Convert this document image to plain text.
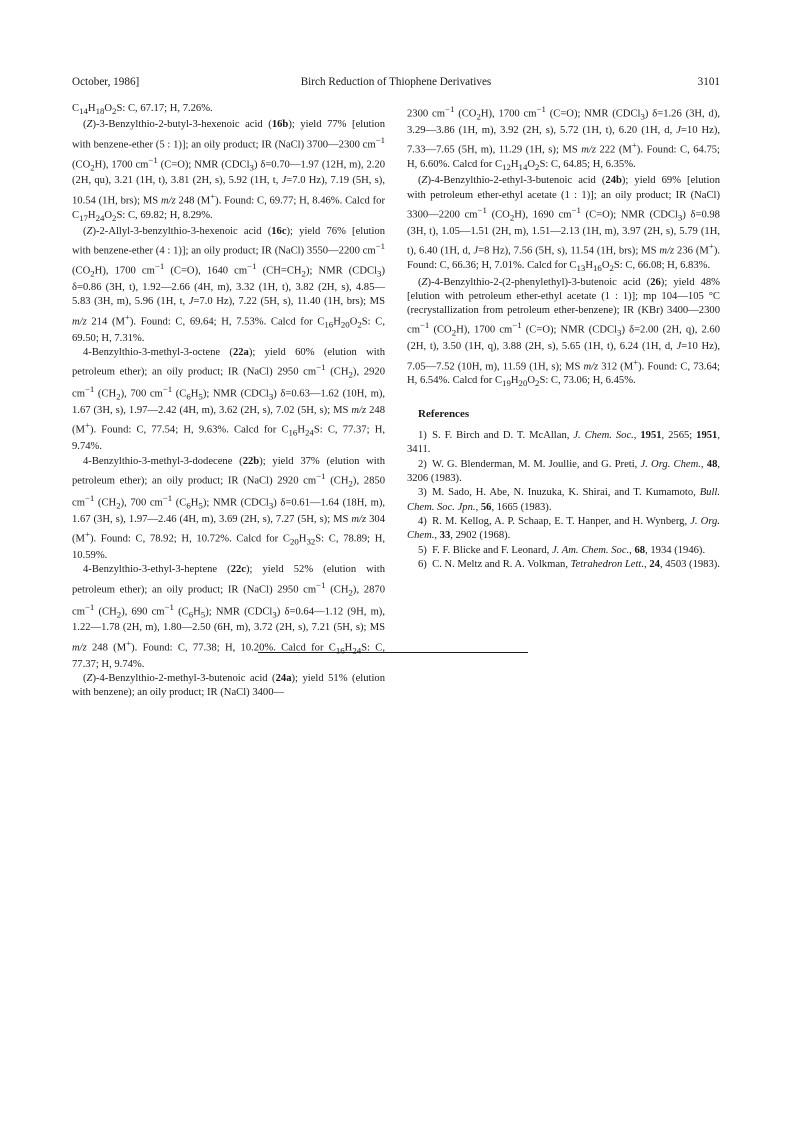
October, 1986]	Birch Reduction of Thiophene Derivatives	3101

$C_{14}H_{18}O_2S$: C, 67.17; H, 7.26%.

(Z)-3-Benzylthio-2-butyl-3-hexenoic acid (16b); yield 77% [elution with benzene-ether (5 : 1)]; an oily product; IR (NaCl) 3700—2300 $cm^{-1}$ $(CO_2H)$, 1700 $cm^{-1}$ (C=O); NMR (CDCl$_3$) δ=0.70—1.97 (12H, m), 2.20 (2H, qu), 3.21 (1H, t), 3.81 (2H, s), 5.92 (1H, t, J=7.0 Hz), 7.19 (5H, s), 10.54 (1H, brs); MS m/z 248 (M+). Found: C, 69.77; H, 8.46%. Calcd for $C_{17}H_{24}O_2S$: C, 69.82; H, 8.29%.

(Z)-2-Allyl-3-benzylthio-3-hexenoic acid (16c); yield 76% [elution with benzene-ether (4 : 1)]; an oily product; IR (NaCl) 3550—2200 $cm^{-1}$ $(CO_2H)$, 1700 $cm^{-1}$ (C=O), 1640 $cm^{-1}$ $(CH=CH_2)$; NMR (CDCl$_3$) δ=0.86 (3H, t), 1.92—2.66 (4H, m), 3.32 (1H, t), 3.82 (2H, s), 4.85—5.83 (3H, m), 5.96 (1H, t, J=7.0 Hz), 7.22 (5H, s), 11.40 (1H, brs); MS m/z 214 (M+). Found: C, 69.64; H, 7.53%. Calcd for $C_{16}H_{20}O_2S$: C, 69.50; H, 7.31%.

4-Benzylthio-3-methyl-3-octene (22a); yield 60% (elution with petroleum ether); an oily product; IR (NaCl) 2950 $cm^{-1}$ $(CH_2)$, 2920 $cm^{-1}$ $(CH_2)$, 700 $cm^{-1}$ $(C_6H_5)$; NMR (CDCl$_3$) δ=0.63—1.62 (10H, m), 1.67 (3H, s), 1.97—2.42 (4H, m), 3.62 (2H, s), 7.02 (5H, s); MS m/z 248 (M+). Found: C, 77.54; H, 9.63%. Calcd for $C_{16}H_{24}S$: C, 77.37; H, 9.74%.

4-Benzylthio-3-methyl-3-dodecene (22b); yield 37% (elution with petroleum ether); an oily product; IR (NaCl) 2920 $cm^{-1}$ $(CH_2)$, 2850 $cm^{-1}$ $(CH_2)$, 700 $cm^{-1}$ $(C_6H_5)$; NMR (CDCl$_3$) δ=0.61—1.64 (18H, m), 1.67 (3H, s), 1.97—2.46 (4H, m), 3.69 (2H, s), 7.27 (5H, s); MS m/z 304 (M+). Found: C, 78.92; H, 10.72%. Calcd for $C_{20}H_{32}S$: C, 78.89; H, 10.59%.

4-Benzylthio-3-ethyl-3-heptene (22c); yield 52% (elution with petroleum ether); an oily product; IR (NaCl) 2950 $cm^{-1}$ $(CH_2)$, 2870 $cm^{-1}$ $(CH_2)$, 690 $cm^{-1}$ $(C_6H_5)$; NMR (CDCl$_3$) δ=0.64—1.12 (9H, m), 1.22—1.78 (2H, m), 1.80—2.50 (6H, m), 3.72 (2H, s), 7.21 (5H, s); MS m/z 248 (M+). Found: C, 77.38; H, 10.20%. Calcd for $C_{16}H_{24}S$: C, 77.37; H, 9.74%.

(Z)-4-Benzylthio-2-methyl-3-butenoic acid (24a); yield 51% (elution with benzene); an oily product; IR (NaCl) 3400—

2300 $cm^{-1}$ $(CO_2H)$, 1700 $cm^{-1}$ (C=O); NMR (CDCl$_3$) δ=1.26 (3H, d), 3.29—3.86 (1H, m), 3.92 (2H, s), 5.72 (1H, t), 6.20 (1H, d, J=10 Hz), 7.33—7.65 (5H, m), 11.29 (1H, s); MS m/z 222 (M+). Found: C, 64.75; H, 6.60%. Calcd for $C_{12}H_{14}O_2S$: C, 64.85; H, 6.35%.

(Z)-4-Benzylthio-2-ethyl-3-butenoic acid (24b); yield 69% [elution with petroleum ether-ethyl acetate (1 : 1)]; an oily product; IR (NaCl) 3300—2200 $cm^{-1}$ $(CO_2H)$, 1690 $cm^{-1}$ (C=O); NMR (CDCl$_3$) δ=0.98 (3H, t), 1.05—1.51 (2H, m), 1.51—2.13 (1H, m), 3.97 (2H, s), 5.79 (1H, t), 6.40 (1H, d, J=8 Hz), 7.56 (5H, s), 11.54 (1H, brs); MS m/z 236 (M+). Found: C, 66.36; H, 7.01%. Calcd for $C_{13}H_{16}O_2S$: C, 66.08; H, 6.83%.

(Z)-4-Benzylthio-2-(2-phenylethyl)-3-butenoic acid (26); yield 48% [elution with petroleum ether-ethyl acetate (1 : 1)]; mp 104—105 °C (recrystallization from petroleum ether-benzene); IR (KBr) 3400—2300 $cm^{-1}$ $(CO_2H)$, 1700 $cm^{-1}$ (C=O); NMR (CDCl$_3$) δ=2.00 (2H, q), 2.60 (2H, t), 3.50 (1H, q), 3.88 (2H, s), 5.65 (1H, t), 6.24 (1H, d, J=10 Hz), 7.05—7.52 (10H, m), 11.59 (1H, s); MS m/z 312 (M+). Found: C, 73.64; H, 6.54%. Calcd for $C_{19}H_{20}O_2S$: C, 73.06; H, 6.45%.

References

1) S. F. Birch and D. T. McAllan, J. Chem. Soc., 1951, 2565; 1951, 3411.

2) W. G. Blenderman, M. M. Joullie, and G. Preti, J. Org. Chem., 48, 3206 (1983).

3) M. Sado, H. Abe, N. Inuzuka, K. Shirai, and T. Kumamoto, Bull. Chem. Soc. Jpn., 56, 1665 (1983).

4) R. M. Kellog, A. P. Schaap, E. T. Hanper, and H. Wynberg, J. Org. Chem., 33, 2902 (1968).

5) F. F. Blicke and F. Leonard, J. Am. Chem. Soc., 68, 1934 (1946).

6) C. N. Meltz and R. A. Volkman, Tetrahedron Lett., 24, 4503 (1983).
